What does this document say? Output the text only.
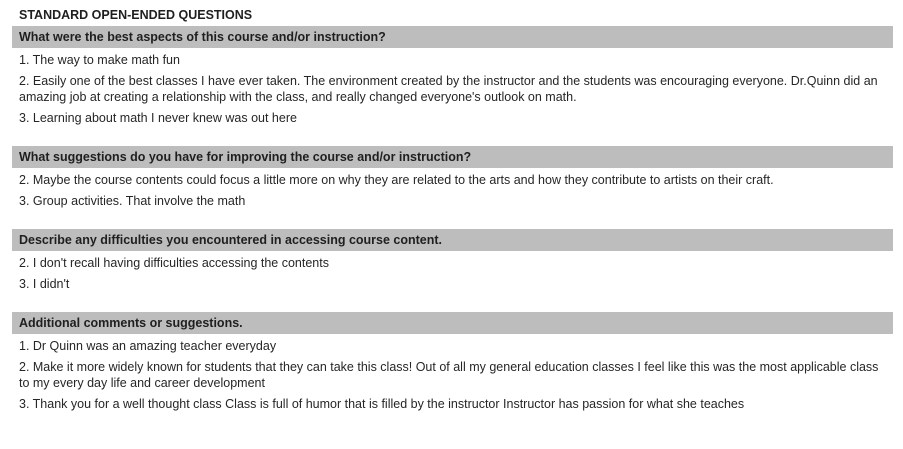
STANDARD OPEN-ENDED QUESTIONS
What were the best aspects of this course and/or instruction?
1. The way to make math fun
2. Easily one of the best classes I have ever taken. The environment created by the instructor and the students was encouraging everyone. Dr.Quinn did an amazing job at creating a relationship with the class, and really changed everyone's outlook on math.
3. Learning about math I never knew was out here
What suggestions do you have for improving the course and/or instruction?
2. Maybe the course contents could focus a little more on why they are related to the arts and how they contribute to artists on their craft.
3. Group activities. That involve the math
Describe any difficulties you encountered in accessing course content.
2. I don't recall having difficulties accessing the contents
3. I didn't
Additional comments or suggestions.
1. Dr Quinn was an amazing teacher everyday
2. Make it more widely known for students that they can take this class! Out of all my general education classes I feel like this was the most applicable class to my every day life and career development
3. Thank you for a well thought class Class is full of humor that is filled by the instructor Instructor has passion for what she teaches
